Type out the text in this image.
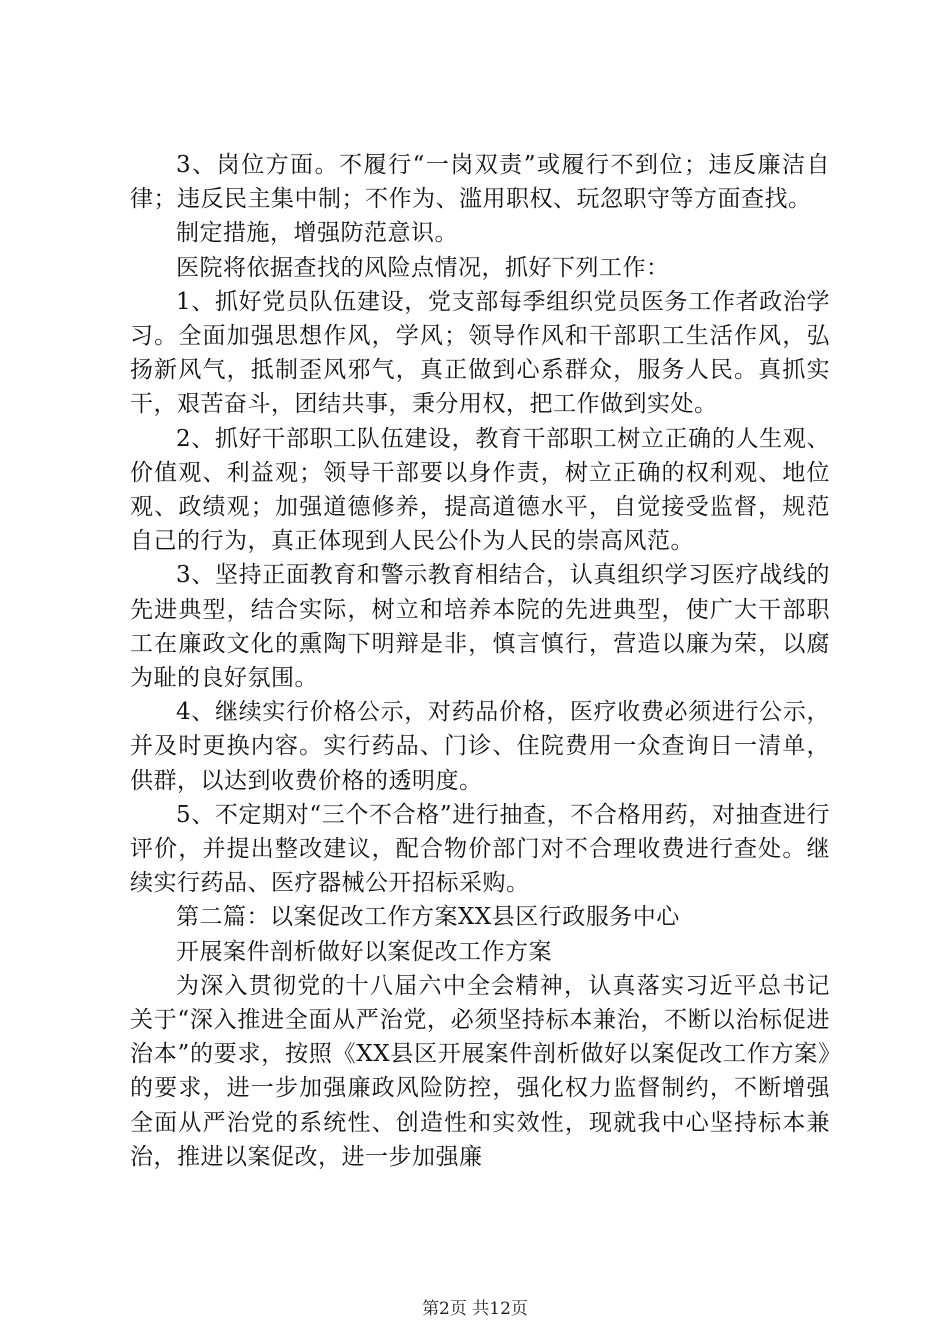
3、岗位方面。不履行“一岗双责”或履行不到位；违反廉洁自律；违反民主集中制；不作为、滥用职权、玩忽职守等方面查找。

制定措施，增强防范意识。

医院将依据查找的风险点情况，抓好下列工作：

1、抓好党员队伍建设，党支部每季组织党员医务工作者政治学习。全面加强思想作风，学风；领导作风和干部职工生活作风，弘扬新风气，抵制歪风邪气，真正做到心系群众，服务人民。真抓实干，艰苦奋斗，团结共事，秉分用权，把工作做到实处。

2、抓好干部职工队伍建设，教育干部职工树立正确的人生观、价值观、利益观；领导干部要以身作责，树立正确的权利观、地位观、政绩观；加强道德修养，提高道德水平，自觉接受监督，规范自己的行为，真正体现到人民公仆为人民的崇高风范。

3、坚持正面教育和警示教育相结合，认真组织学习医疗战线的先进典型，结合实际，树立和培养本院的先进典型，使广大干部职工在廉政文化的熏陶下明辩是非，慎言慎行，营造以廉为荣，以腐为耻的良好氛围。

4、继续实行价格公示，对药品价格，医疗收费必须进行公示，并及时更换内容。实行药品、门诊、住院费用一众查询日一清单，供群，以达到收费价格的透明度。

5、不定期对“三个不合格”进行抽查，不合格用药，对抽查进行评价，并提出整改建议，配合物价部门对不合理收费进行查处。继续实行药品、医疗器械公开招标采购。

第二篇：以案促改工作方案XX县区行政服务中心

开展案件剖析做好以案促改工作方案

为深入贯彻党的十八届六中全会精神，认真落实习近平总书记关于“深入推进全面从严治党，必须坚持标本兼治，不断以治标促进治本”的要求，按照《XX县区开展案件剖析做好以案促改工作方案》的要求，进一步加强廉政风险防控，强化权力监督制约，不断增强全面从严治党的系统性、创造性和实效性，现就我中心坚持标本兼治，推进以案促改，进一步加强廉

第2页 共12页
